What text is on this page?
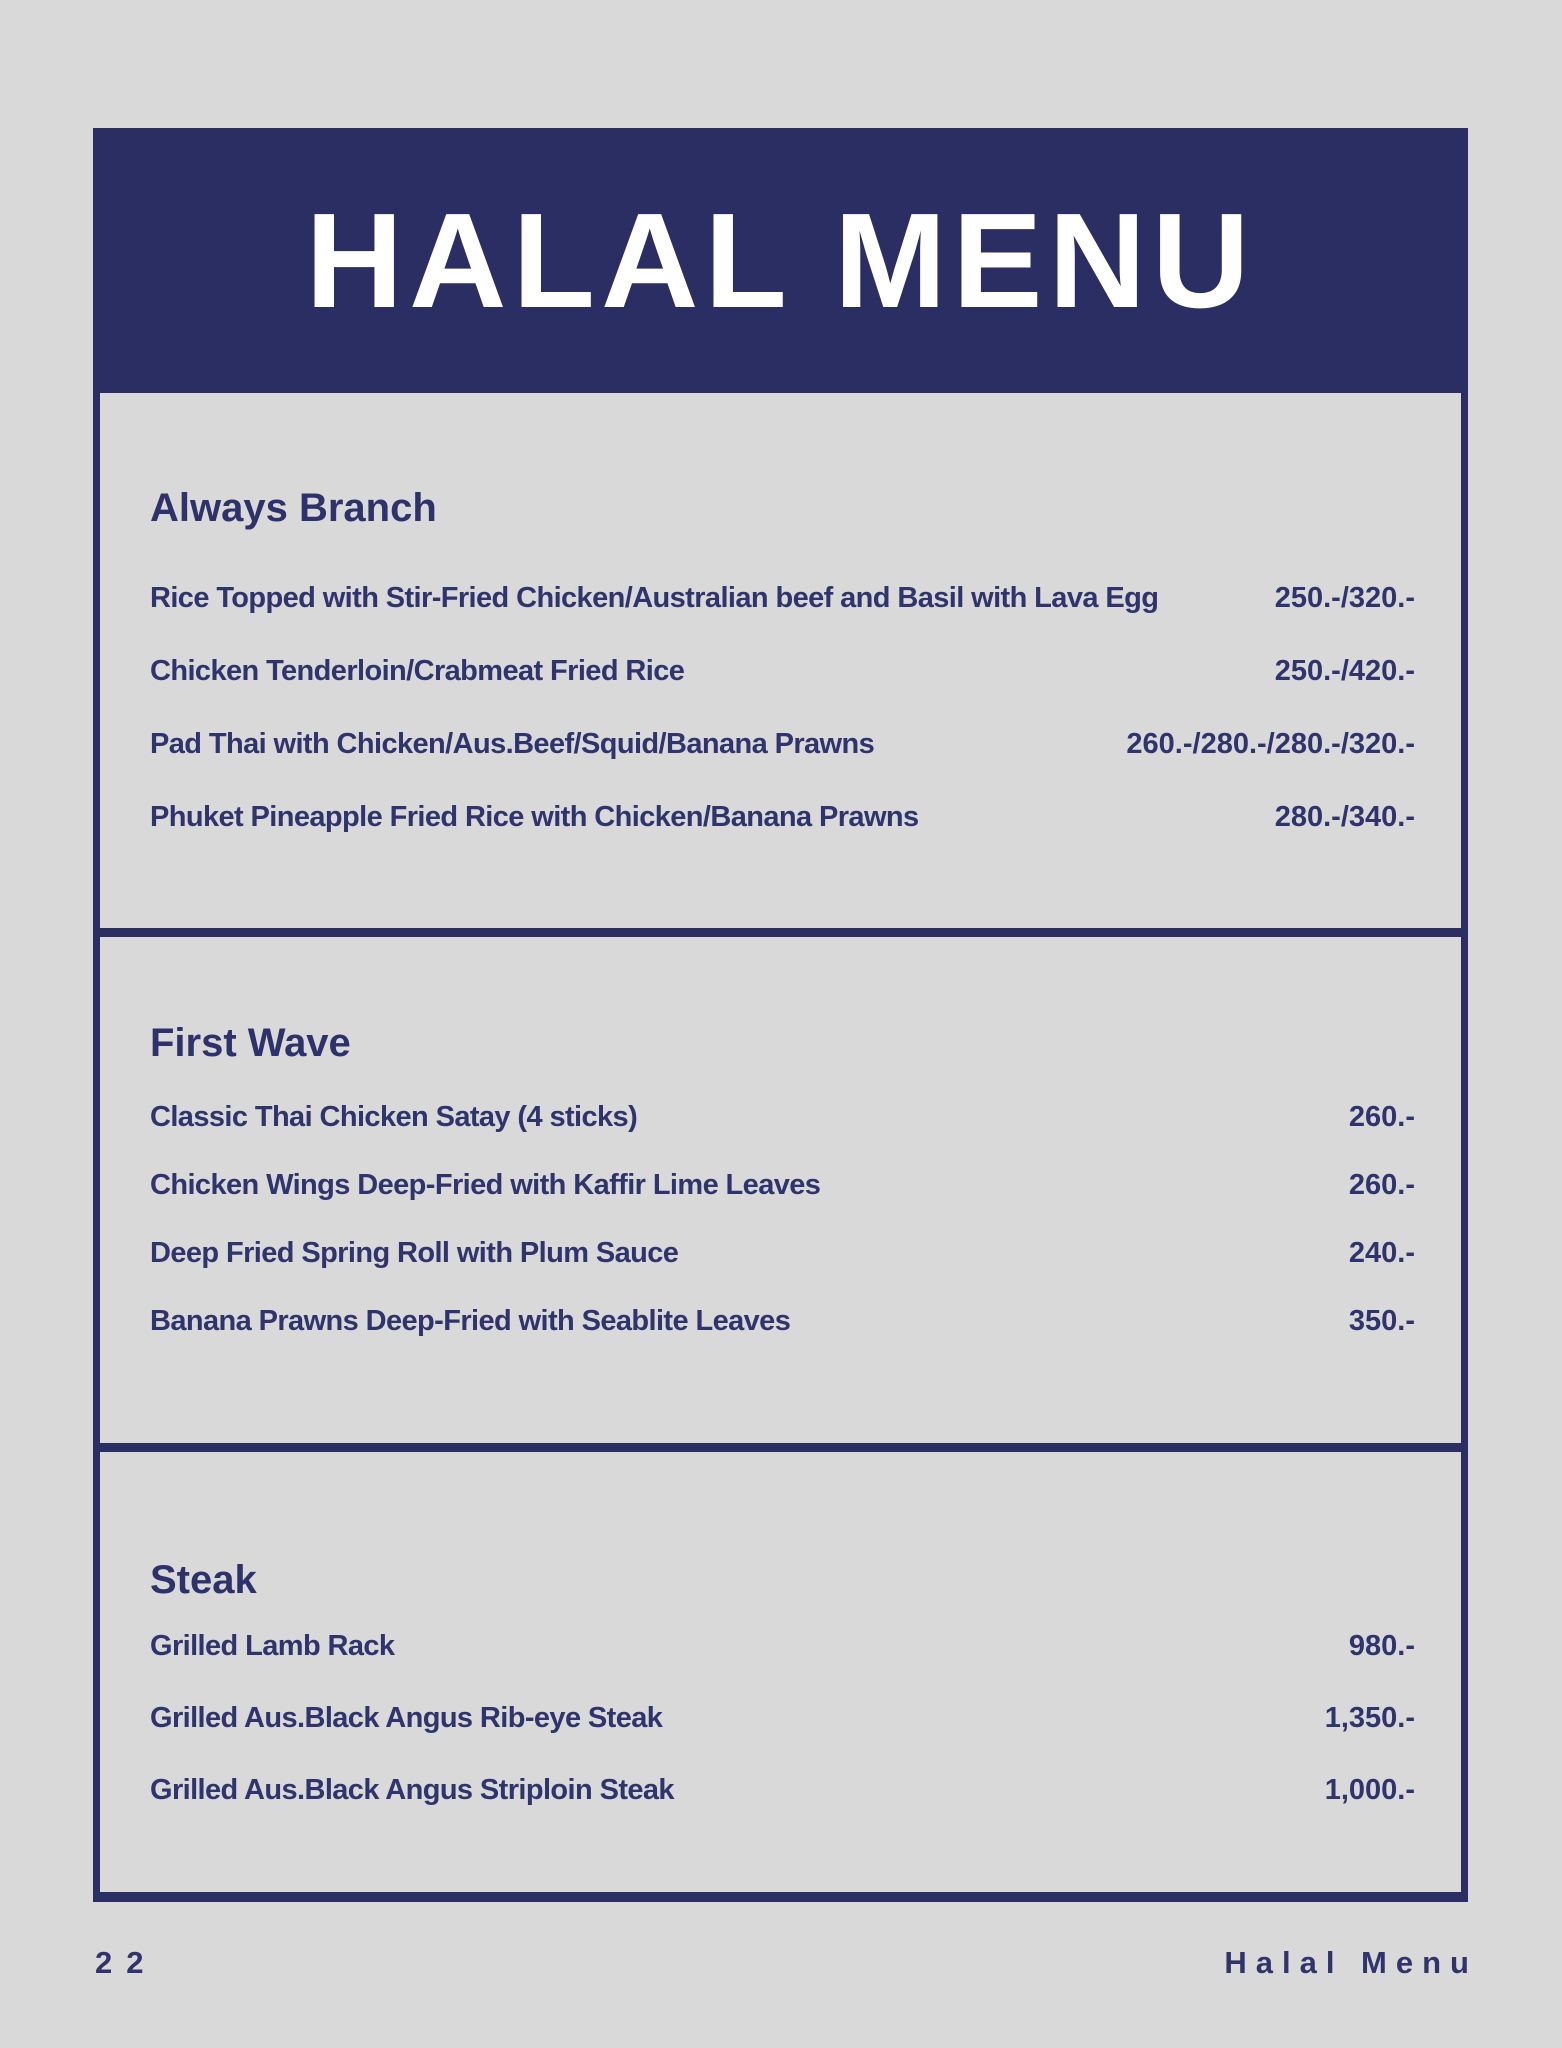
HALAL MENU
Always Branch
Rice Topped with Stir-Fried Chicken/Australian beef and Basil with Lava Egg	250.-/320.-
Chicken Tenderloin/Crabmeat Fried Rice	250.-/420.-
Pad Thai with Chicken/Aus.Beef/Squid/Banana Prawns	260.-/280.-/280.-/320.-
Phuket Pineapple Fried Rice with Chicken/Banana Prawns	280.-/340.-
First Wave
Classic Thai Chicken Satay (4 sticks)	260.-
Chicken Wings Deep-Fried with Kaffir Lime Leaves	260.-
Deep Fried Spring Roll with Plum Sauce	240.-
Banana Prawns Deep-Fried with Seablite Leaves	350.-
Steak
Grilled Lamb Rack	980.-
Grilled Aus.Black Angus Rib-eye Steak	1,350.-
Grilled Aus.Black Angus Striploin Steak	1,000.-
22	Halal Menu
